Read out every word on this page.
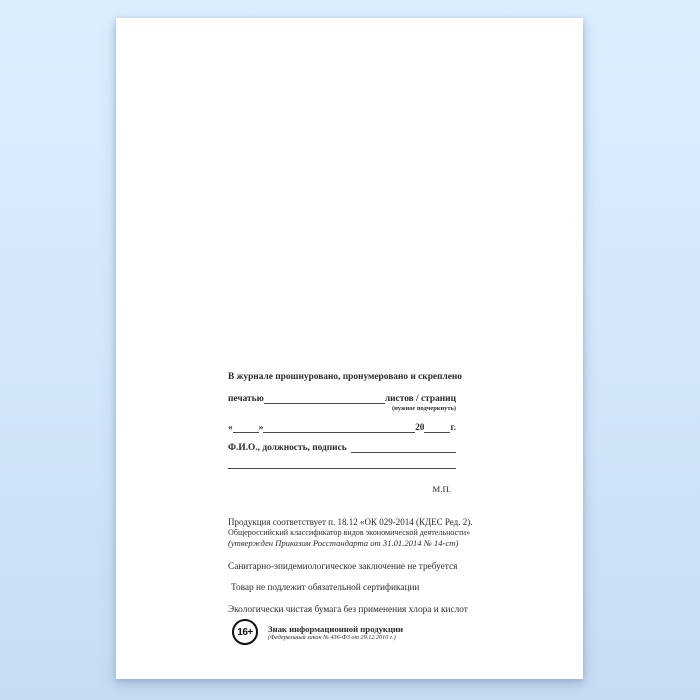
В журнале прошнуровано, пронумеровано и скреплено
печатью	листов / страниц
(нужное подчеркнуть)
«	»	20	г.
Ф.И.О., должность, подпись
М.П.
Продукция соответствует п. 18.12 «ОК 029-2014 (КДЕС Ред. 2).
Общероссийский классификатор видов экономической деятельности»
(утвержден Приказом Росстандарта от 31.01.2014 № 14-ст)
Санитарно-эпидемиологическое заключение не требуется
Товар не подлежит обязательной сертификации
Экологически чистая бумага без применения хлора и кислот
16+ Знак информационной продукции
(Федеральный закон № 436-ФЗ от 29.12.2010 г.)
